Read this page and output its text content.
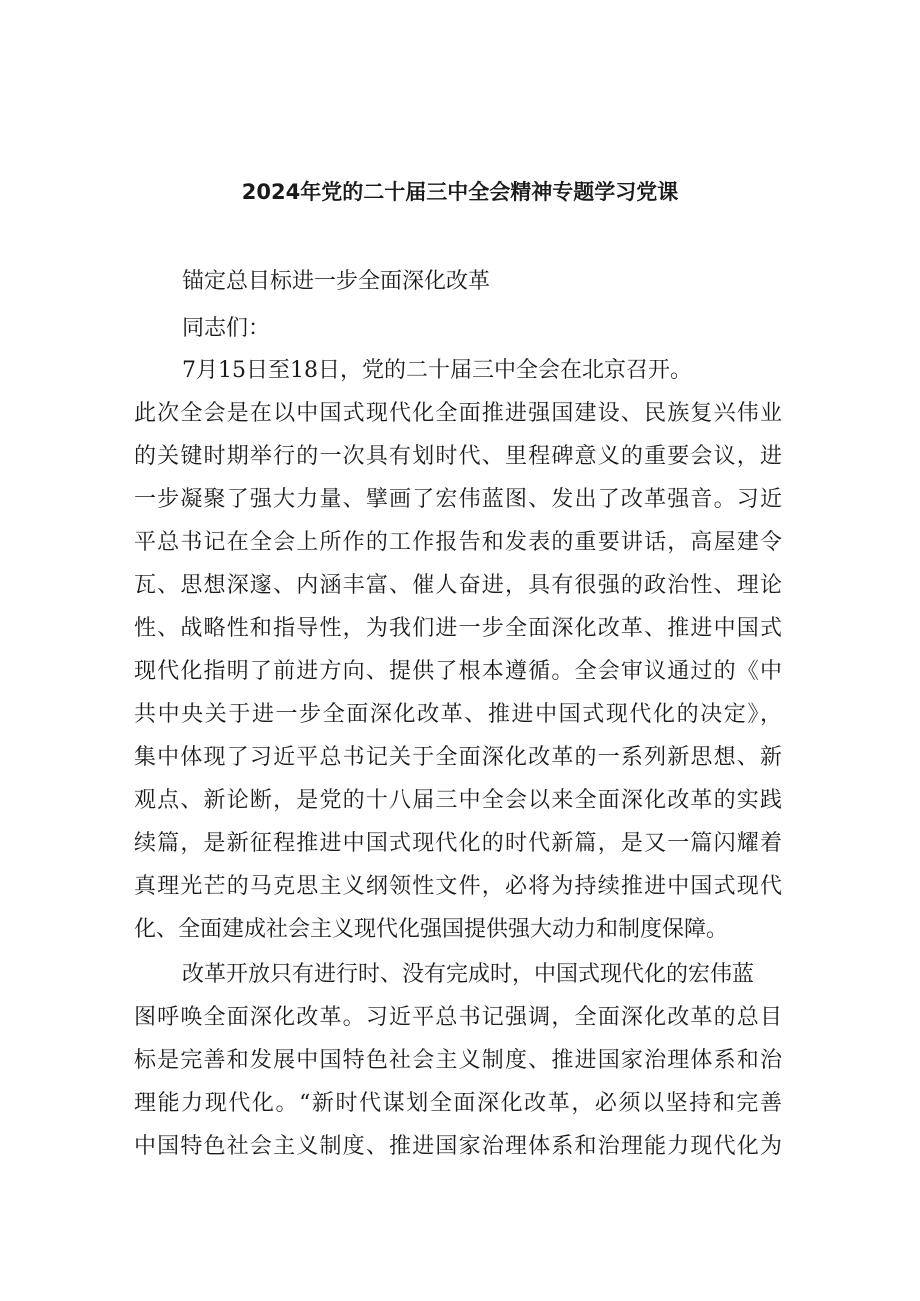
2024年党的二十届三中全会精神专题学习党课

锚定总目标进一步全面深化改革

同志们：

7月15日至18日，党的二十届三中全会在北京召开。

此次全会是在以中国式现代化全面推进强国建设、民族复兴伟业

的关键时期举行的一次具有划时代、里程碑意义的重要会议，进

一步凝聚了强大力量、擘画了宏伟蓝图、发出了改革强音。习近

平总书记在全会上所作的工作报告和发表的重要讲话，高屋建令

瓦、思想深邃、内涵丰富、催人奋进，具有很强的政治性、理论

性、战略性和指导性，为我们进一步全面深化改革、推进中国式

现代化指明了前进方向、提供了根本遵循。全会审议通过的《中

共中央关于进一步全面深化改革、推进中国式现代化的决定》，

集中体现了习近平总书记关于全面深化改革的一系列新思想、新

观点、新论断，是党的十八届三中全会以来全面深化改革的实践

续篇，是新征程推进中国式现代化的时代新篇，是又一篇闪耀着

真理光芒的马克思主义纲领性文件，必将为持续推进中国式现代

化、全面建成社会主义现代化强国提供强大动力和制度保障。

改革开放只有进行时、没有完成时，中国式现代化的宏伟蓝

图呼唤全面深化改革。习近平总书记强调，全面深化改革的总目

标是完善和发展中国特色社会主义制度、推进国家治理体系和治

理能力现代化。“新时代谋划全面深化改革，必须以坚持和完善

中国特色社会主义制度、推进国家治理体系和治理能力现代化为
